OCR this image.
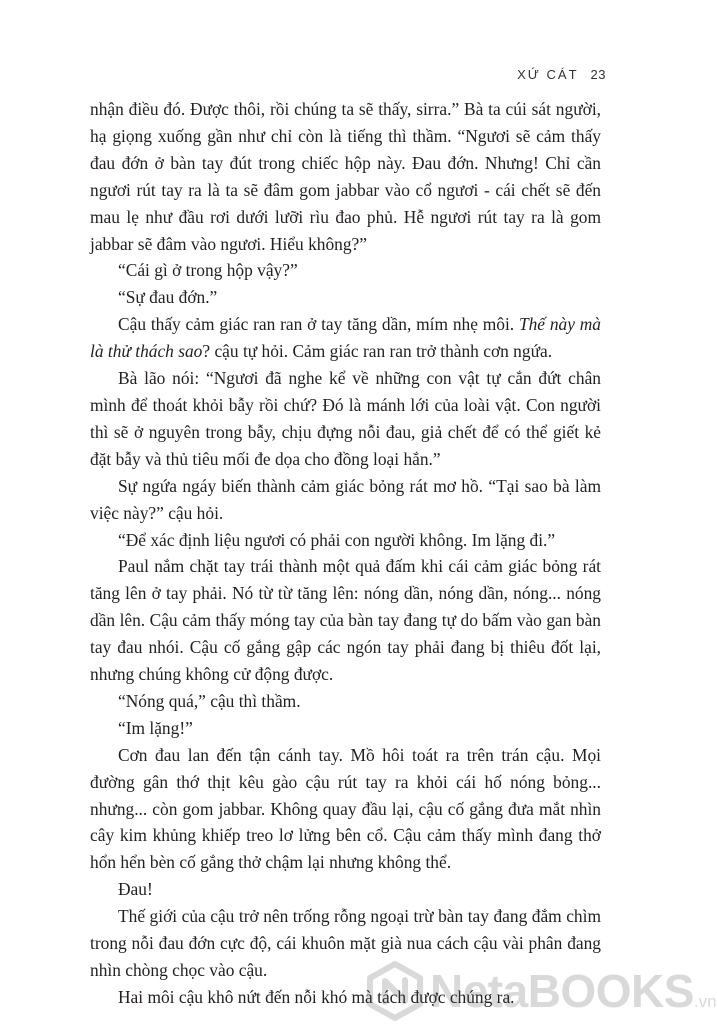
XỨ CÁT 23

nhận điều đó. Được thôi, rồi chúng ta sẽ thấy, sirra.” Bà ta cúi sát người, hạ giọng xuống gần như chỉ còn là tiếng thì thầm. “Ngươi sẽ cảm thấy đau đớn ở bàn tay đút trong chiếc hộp này. Đau đớn. Nhưng! Chỉ cần ngươi rút tay ra là ta sẽ đâm gom jabbar vào cổ ngươi - cái chết sẽ đến mau lẹ như đầu rơi dưới lưỡi rìu đao phủ. Hễ ngươi rút tay ra là gom jabbar sẽ đâm vào ngươi. Hiểu không?”

“Cái gì ở trong hộp vậy?”

“Sự đau đớn.”

Cậu thấy cảm giác ran ran ở tay tăng dần, mím nhẹ môi. Thế này mà là thử thách sao? cậu tự hỏi. Cảm giác ran ran trở thành cơn ngứa.

Bà lão nói: “Ngươi đã nghe kể về những con vật tự cắn đứt chân mình để thoát khỏi bẫy rồi chứ? Đó là mánh lới của loài vật. Con người thì sẽ ở nguyên trong bẫy, chịu đựng nỗi đau, giả chết để có thể giết kẻ đặt bẫy và thủ tiêu mối đe dọa cho đồng loại hắn.”

Sự ngứa ngáy biến thành cảm giác bỏng rát mơ hồ. “Tại sao bà làm việc này?” cậu hỏi.

“Để xác định liệu ngươi có phải con người không. Im lặng đi.”

Paul nắm chặt tay trái thành một quả đấm khi cái cảm giác bỏng rát tăng lên ở tay phải. Nó từ từ tăng lên: nóng dần, nóng dần, nóng... nóng dần lên. Cậu cảm thấy móng tay của bàn tay đang tự do bấm vào gan bàn tay đau nhói. Cậu cố gắng gập các ngón tay phải đang bị thiêu đốt lại, nhưng chúng không cử động được.

“Nóng quá,” cậu thì thầm.

“Im lặng!”

Cơn đau lan đến tận cánh tay. Mồ hôi toát ra trên trán cậu. Mọi đường gân thớ thịt kêu gào cậu rút tay ra khỏi cái hố nóng bỏng... nhưng... còn gom jabbar. Không quay đầu lại, cậu cố gắng đưa mắt nhìn cây kim khủng khiếp treo lơ lửng bên cổ. Cậu cảm thấy mình đang thở hổn hển bèn cố gắng thở chậm lại nhưng không thể.

Đau!

Thế giới của cậu trở nên trống rỗng ngoại trừ bàn tay đang đắm chìm trong nỗi đau đớn cực độ, cái khuôn mặt già nua cách cậu vài phân đang nhìn chòng chọc vào cậu.

Hai môi cậu khô nứt đến nỗi khó mà tách được chúng ra.

NetaBOOKS.vn
